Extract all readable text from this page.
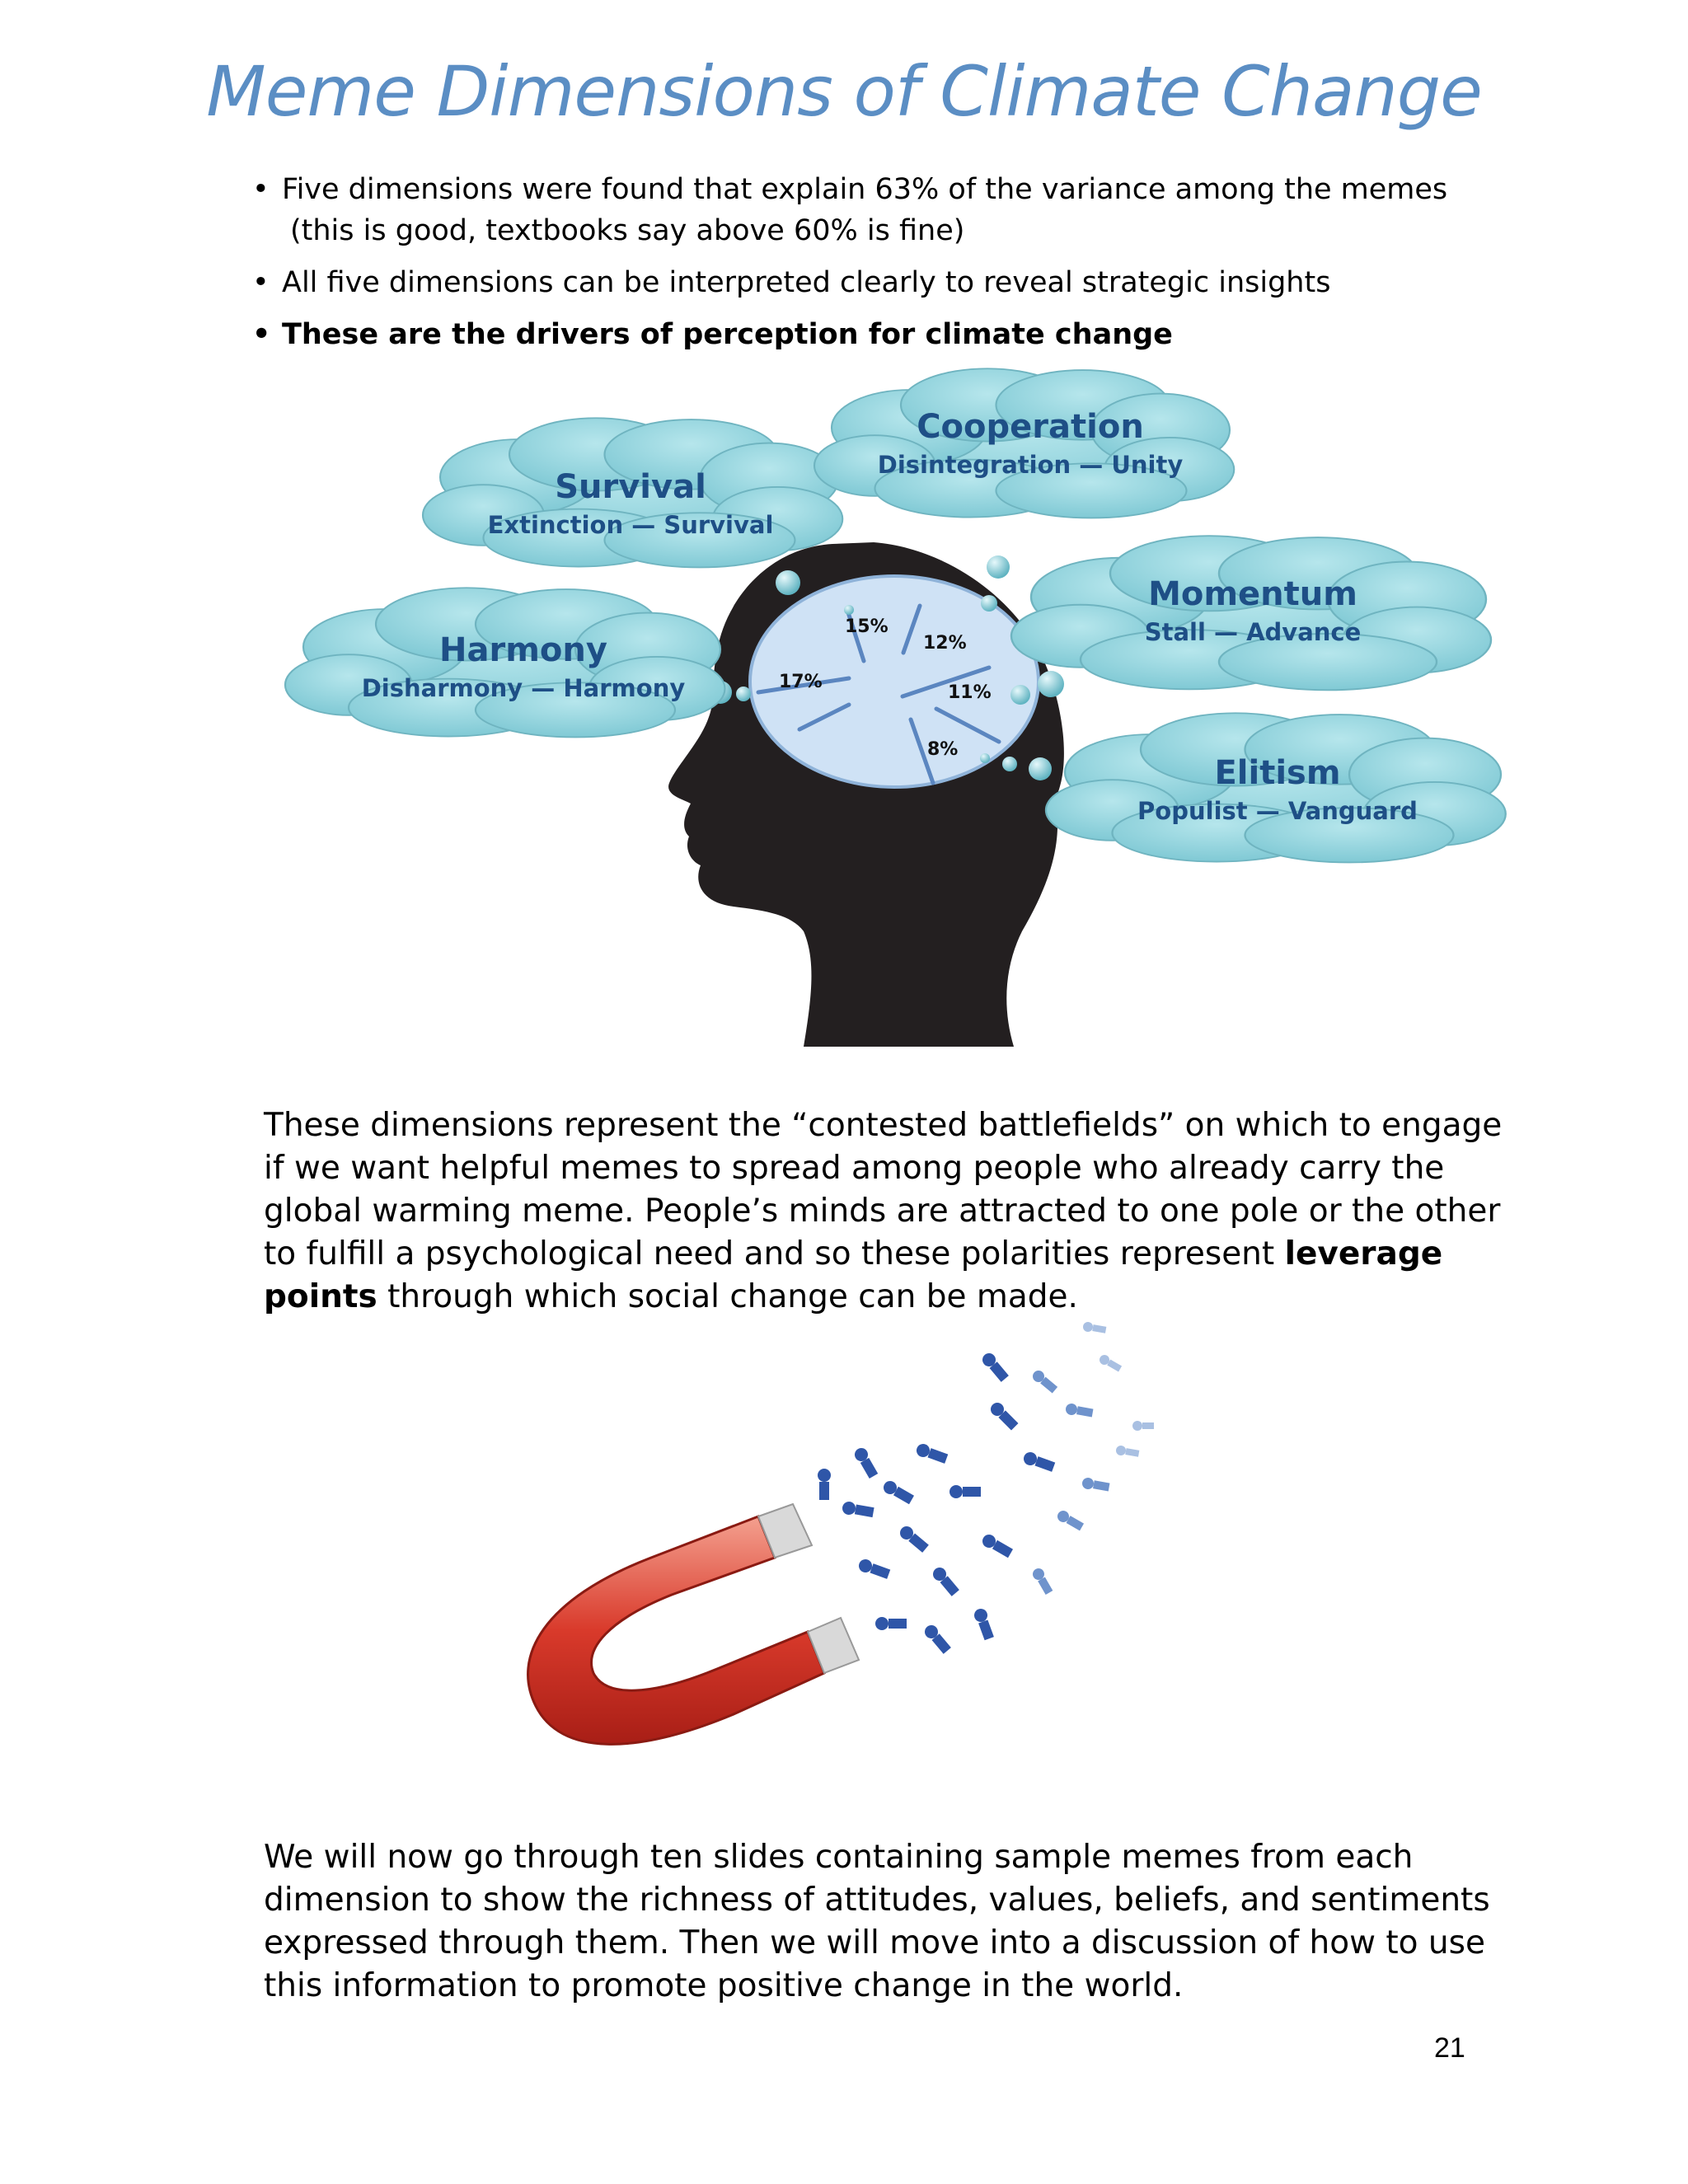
Meme Dimensions of Climate Change
• Five dimensions were found that explain 63% of the variance among the memes
(this is good, textbooks say above 60% is fine)
• All five dimensions can be interpreted clearly to reveal strategic insights
• These are the drivers of perception for climate change
Survival
Extinction — Survival
Cooperation
Disintegration — Unity
Harmony
Disharmony — Harmony
Momentum
Stall — Advance
Elitism
Populist — Vanguard
15%
12%
17%
11%
8%

These dimensions represent the “contested battlefields” on which to engage if we want helpful memes to spread among people who already carry the global warming meme. People’s minds are attracted to one pole or the other to fulfill a psychological need and so these polarities represent leverage points through which social change can be made.

We will now go through ten slides containing sample memes from each dimension to show the richness of attitudes, values, beliefs, and sentiments expressed through them. Then we will move into a discussion of how to use this information to promote positive change in the world.

21
